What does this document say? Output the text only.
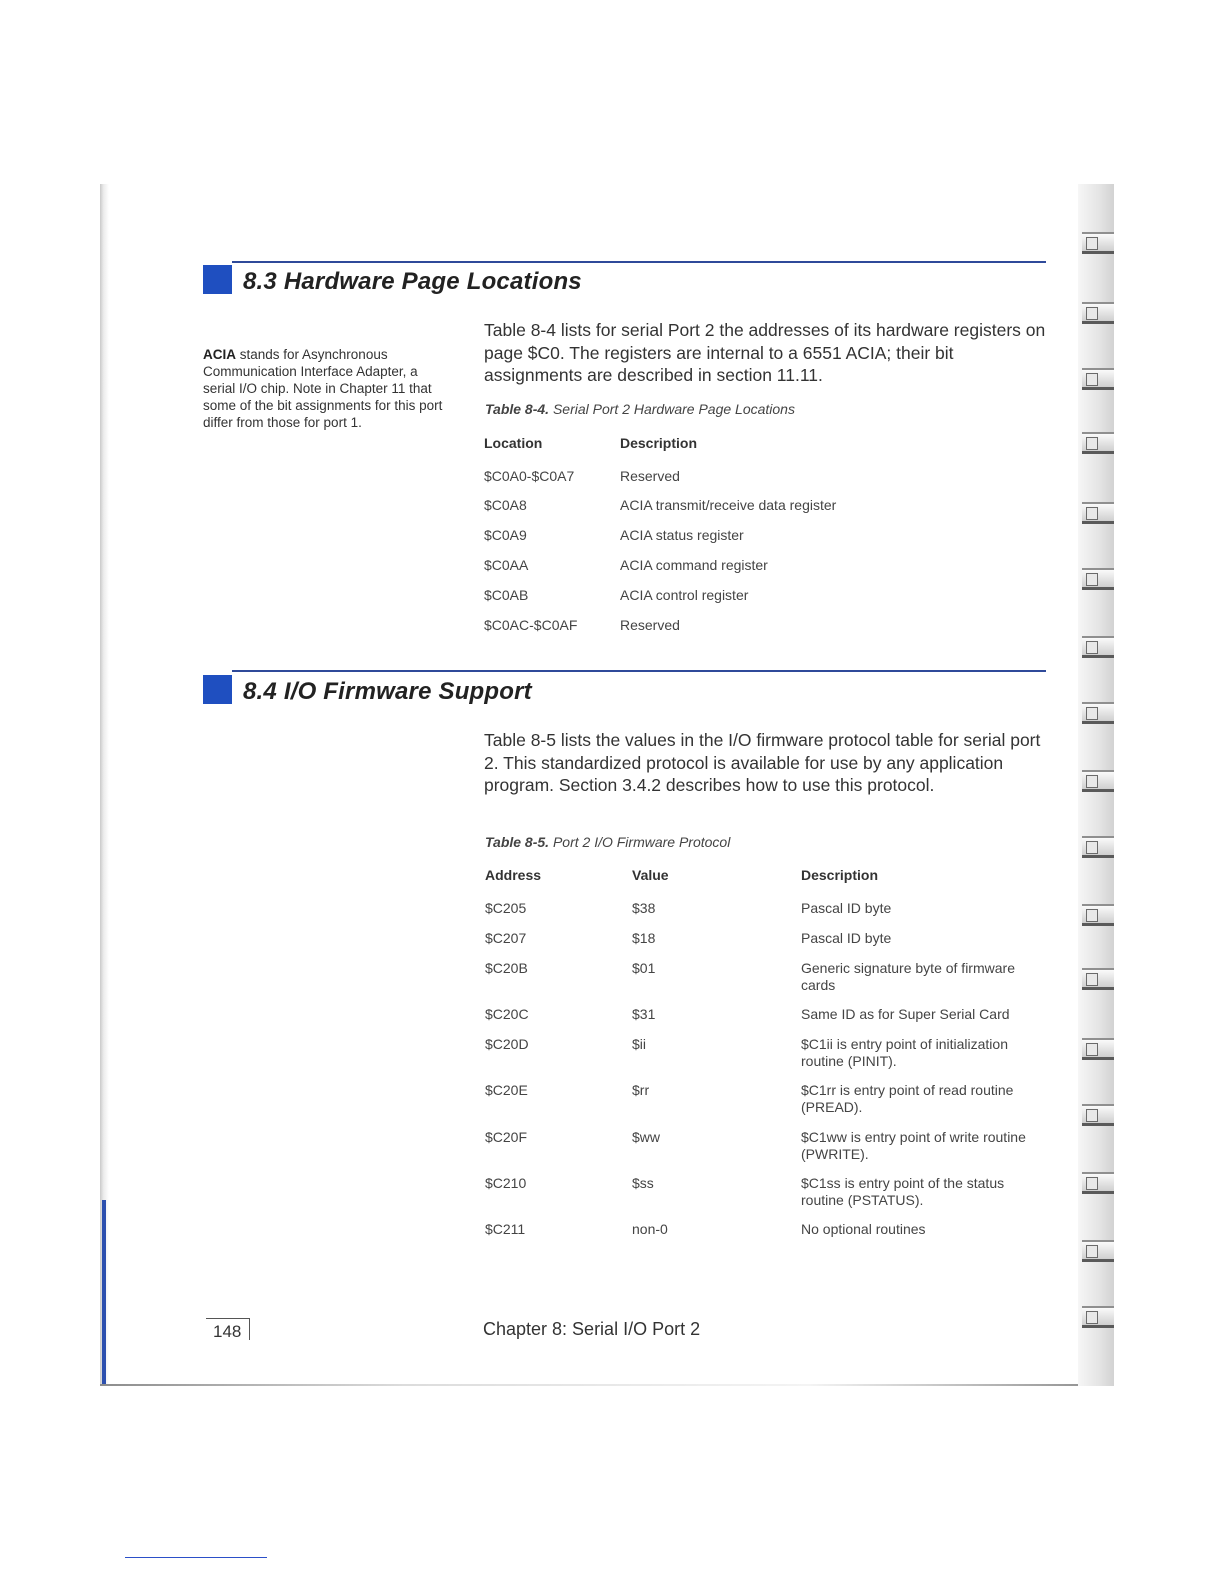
8.3 Hardware Page Locations
ACIA stands for Asynchronous Communication Interface Adapter, a serial I/O chip. Note in Chapter 11 that some of the bit assignments for this port differ from those for port 1.

Table 8-4 lists for serial Port 2 the addresses of its hardware registers on page $C0. The registers are internal to a 6551 ACIA; their bit assignments are described in section 11.11.

Table 8-4. Serial Port 2 Hardware Page Locations
Location	Description
$C0A0-$C0A7	Reserved
$C0A8	ACIA transmit/receive data register
$C0A9	ACIA status register
$C0AA	ACIA command register
$C0AB	ACIA control register
$C0AC-$C0AF	Reserved
8.4 I/O Firmware Support

Table 8-5 lists the values in the I/O firmware protocol table for serial port 2. This standardized protocol is available for use by any application program. Section 3.4.2 describes how to use this protocol.

Table 8-5. Port 2 I/O Firmware Protocol
Address	Value	Description
$C205	$38	Pascal ID byte
$C207	$18	Pascal ID byte
$C20B	$01	Generic signature byte of firmware cards
$C20C	$31	Same ID as for Super Serial Card
$C20D	$ii	$C1ii is entry point of initialization routine (PINIT).
$C20E	$rr	$C1rr is entry point of read routine (PREAD).
$C20F	$ww	$C1ww is entry point of write routine (PWRITE).
$C210	$ss	$C1ss is entry point of the status routine (PSTATUS).
$C211	non-0	No optional routines
148	Chapter 8: Serial I/O Port 2
